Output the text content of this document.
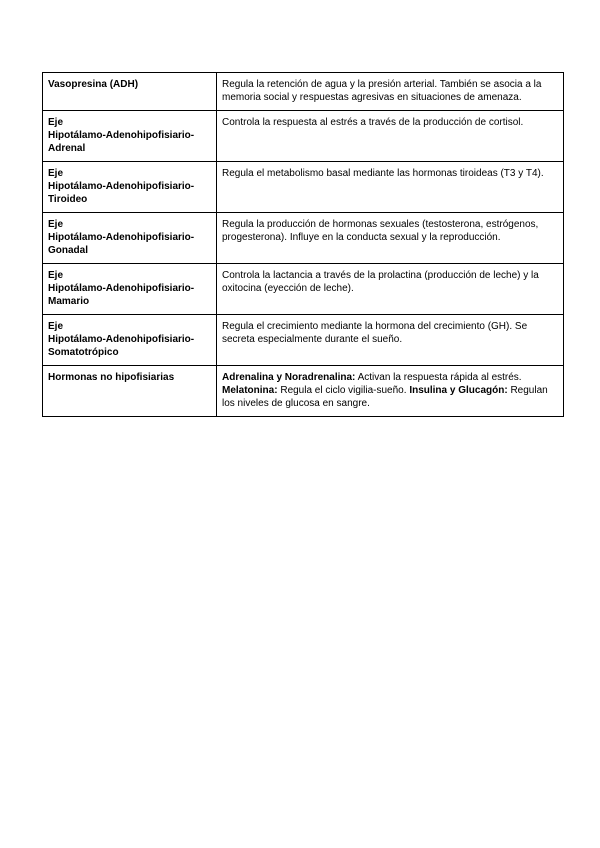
Vasopresina (ADH)	Regula la retención de agua y la presión arterial. También se asocia a la memoria social y respuestas agresivas en situaciones de amenaza.

Eje
Hipotálamo-Adenohipofisiario-
Adrenal	Controla la respuesta al estrés a través de la producción de cortisol.

Eje
Hipotálamo-Adenohipofisiario-
Tiroideo	Regula el metabolismo basal mediante las hormonas tiroideas (T3 y T4).

Eje
Hipotálamo-Adenohipofisiario-
Gonadal	Regula la producción de hormonas sexuales (testosterona, estrógenos, progesterona). Influye en la conducta sexual y la reproducción.

Eje
Hipotálamo-Adenohipofisiario-
Mamario	Controla la lactancia a través de la prolactina (producción de leche) y la oxitocina (eyección de leche).

Eje
Hipotálamo-Adenohipofisiario-
Somatotrópico	Regula el crecimiento mediante la hormona del crecimiento (GH). Se secreta especialmente durante el sueño.

Hormonas no hipofisiarias	Adrenalina y Noradrenalina: Activan la respuesta rápida al estrés. Melatonina: Regula el ciclo vigilia-sueño. Insulina y Glucagón: Regulan los niveles de glucosa en sangre.
